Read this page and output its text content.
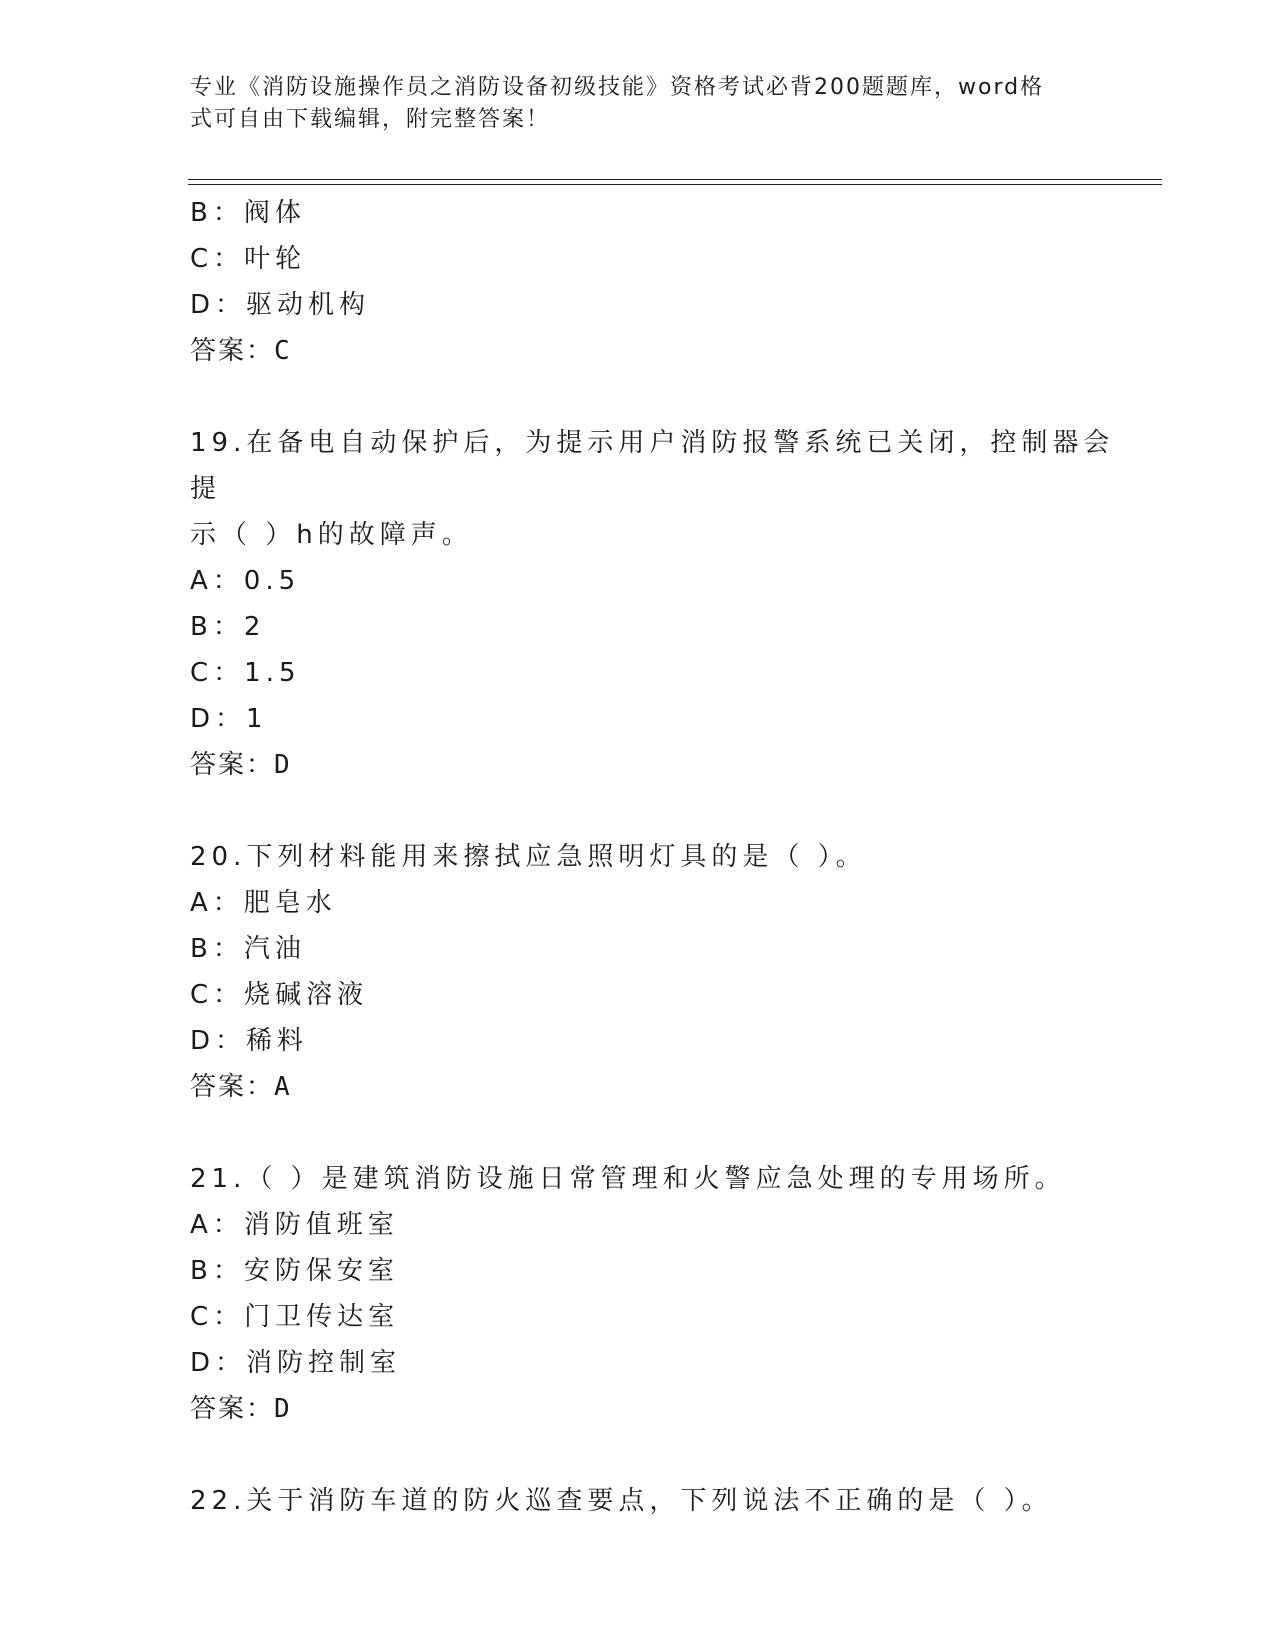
专业《消防设施操作员之消防设备初级技能》资格考试必背200题题库，word格
式可自由下载编辑，附完整答案！
B：阀体
C：叶轮
D：驱动机构
答案：C
19.在备电自动保护后，为提示用户消防报警系统已关闭，控制器会提
示（ ）h的故障声。
A：0.5
B：2
C：1.5
D：1
答案：D
20.下列材料能用来擦拭应急照明灯具的是（ ）。
A：肥皂水
B：汽油
C：烧碱溶液
D：稀料
答案：A
21.（ ）是建筑消防设施日常管理和火警应急处理的专用场所。
A：消防值班室
B：安防保安室
C：门卫传达室
D：消防控制室
答案：D
22.关于消防车道的防火巡查要点，下列说法不正确的是（ ）。
